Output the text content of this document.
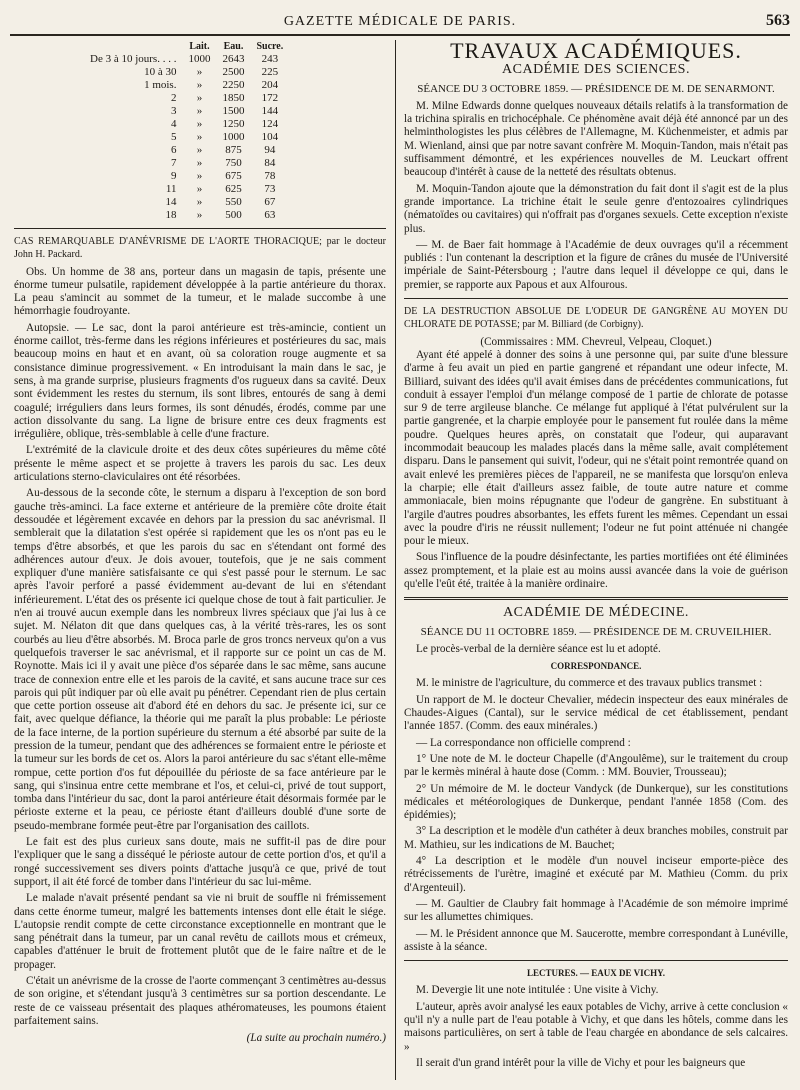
GAZETTE MÉDICALE DE PARIS.	563
	Lait.	Eau.	Sucre.
De 3 à 10 jours. . . .	1000	2643	243
10 à 30	»	2500	225
1 mois.	»	2250	204
2	»	1850	172
3	»	1500	144
4	»	1250	124
5	»	1000	104
6	»	875	94
7	»	750	84
9	»	675	78
11	»	625	73
14	»	550	67
18	»	500	63
CAS REMARQUABLE D'ANÉVRISME DE L'AORTE THORACIQUE; par le docteur John H. Packard.

Obs. Un homme de 38 ans, porteur dans un magasin de tapis, présente une énorme tumeur pulsatile, rapidement développée à la partie antérieure du thorax. La peau s'amincit au sommet de la tumeur, et le malade succombe à une hémorrhagie foudroyante.

Autopsie. — Le sac, dont la paroi antérieure est très-amincie, contient un énorme caillot, très-ferme dans les régions inférieures et postérieures du sac, mais beaucoup moins en haut et en avant, où sa coloration rouge augmente et sa consistance diminue progressivement. « En introduisant la main dans le sac, je sens, à ma grande surprise, plusieurs fragments d'os rugueux dans sa cavité. Deux sont évidemment les restes du sternum, ils sont libres, entourés de sang à demi coagulé; irréguliers dans leurs formes, ils sont dénudés, érodés, comme par une action dissolvante du sang. La ligne de brisure entre ces deux fragments est irrégulière, oblique, très-semblable à celle d'une fracture.

L'extrémité de la clavicule droite et des deux côtes supérieures du même côté présente le même aspect et se projette à travers les parois du sac. Les deux articulations sterno-claviculaires ont été résorbées.

Au-dessous de la seconde côte, le sternum a disparu à l'exception de son bord gauche très-aminci. La face externe et antérieure de la première côte droite était dessoudée et légèrement excavée en dehors par la pression du sac anévrismal. Il semblerait que la dilatation s'est opérée si rapidement que les os n'ont pas eu le temps d'être absorbés, et que les parois du sac en s'étendant ont formé des adhérences autour d'eux. Je dois avouer, toutefois, que je ne sais comment expliquer d'une manière satisfaisante ce qui s'est passé pour le sternum. Le sac après l'avoir perforé a passé évidemment au-devant de lui en s'étendant inférieurement. L'état des os présente ici quelque chose de tout à fait particulier. Je n'en ai trouvé aucun exemple dans les nombreux livres spéciaux que j'ai lus à ce sujet. M. Nélaton dit que dans quelques cas, à la vérité très-rares, les os sont courbés au lieu d'être absorbés. M. Broca parle de gros troncs nerveux qu'on a vus quelquefois traverser le sac anévrismal, et il rapporte sur ce point un cas de M. Roynotte. Mais ici il y avait une pièce d'os séparée dans le sac même, sans aucune trace de connexion entre elle et les parois de la cavité, et sans aucune trace sur ces parois qui pût indiquer par où elle avait pu pénétrer. Cependant rien de plus certain que cette portion osseuse ait d'abord été en dehors du sac. Je présente ici, sur ce fait, avec quelque défiance, la théorie qui me paraît la plus probable: Le périoste de la face interne, de la portion supérieure du sternum a été absorbé par suite de la pression de la tumeur, pendant que des adhérences se formaient entre le périoste et la tumeur sur les bords de cet os. Alors la paroi antérieure du sac s'étant elle-même rompue, cette portion d'os fut dépouillée du périoste de sa face antérieure par le sang, qui s'insinua entre cette membrane et l'os, et celui-ci, privé de tout support, tomba dans l'intérieur du sac, dont la paroi antérieure était désormais formée par le périoste externe et la peau, ce périoste étant d'ailleurs doublé d'une sorte de pseudo-membrane formée peut-être par l'organisation des caillots.

Le fait est des plus curieux sans doute, mais ne suffit-il pas de dire pour l'expliquer que le sang a disséqué le périoste autour de cette portion d'os, et qu'il a rongé successivement ses divers points d'attache jusqu'à ce que, privé de tout support, il ait été forcé de tomber dans l'intérieur du sac lui-même.

Le malade n'avait présenté pendant sa vie ni bruit de souffle ni frémissement dans cette énorme tumeur, malgré les battements intenses dont elle était le siége. L'autopsie rendit compte de cette circonstance exceptionnelle en montrant que le sang pénétrait dans la tumeur, par un canal revêtu de caillots mous et crémeux, capables d'atténuer le bruit de frottement plutôt que de le faire naître et de le propager.

C'était un anévrisme de la crosse de l'aorte commençant 3 centimètres au-dessus de son origine, et s'étendant jusqu'à 3 centimètres sur sa portion descendante. Le reste de ce vaisseau présentait des plaques athéromateuses, les poumons étaient parfaitement sains.

(La suite au prochain numéro.)
TRAVAUX ACADÉMIQUES.
ACADÉMIE DES SCIENCES.
SÉANCE DU 3 OCTOBRE 1859. — PRÉSIDENCE DE M. DE SENARMONT.

M. Milne Edwards donne quelques nouveaux détails relatifs à la transformation de la trichina spiralis en trichocéphale. Ce phénomène avait déjà été annoncé par un des helminthologistes les plus célèbres de l'Allemagne, M. Küchenmeister, et admis par M. Wienland, ainsi que par notre savant confrère M. Moquin-Tandon, mais n'était pas suffisamment démontré, et les expériences nouvelles de M. Leuckart offrent beaucoup d'intérêt à cause de la netteté des résultats obtenus.

M. Moquin-Tandon ajoute que la démonstration du fait dont il s'agit est de la plus grande importance. La trichine était le seule genre d'entozoaires cylindriques (nématoïdes ou cavitaires) qui n'offrait pas d'organes sexuels. Cette exception n'existe plus.

— M. de Baer fait hommage à l'Académie de deux ouvrages qu'il a récemment publiés : l'un contenant la description et la figure de crânes du musée de l'Université impériale de Saint-Pétersbourg ; l'autre dans lequel il développe ce qui, dans le premier, se rapporte aux Papous et aux Alfourous.

DE LA DESTRUCTION ABSOLUE DE L'ODEUR DE GANGRÈNE AU MOYEN DU CHLORATE DE POTASSE; par M. Billiard (de Corbigny).
(Commissaires : MM. Chevreul, Velpeau, Cloquet.)

Ayant été appelé à donner des soins à une personne qui, par suite d'une blessure d'arme à feu avait un pied en partie gangrené et répandant une odeur infecte, M. Billiard, suivant des idées qu'il avait émises dans de précédentes communications, fut conduit à essayer l'emploi d'un mélange composé de 1 partie de chlorate de potasse sur 9 de terre argileuse blanche. Ce mélange fut appliqué à l'état pulvérulent sur la partie gangrenée, et la charpie employée pour le pansement fut roulée dans la même poudre. Quelques heures après, on constatait que l'odeur, qui auparavant incommodait beaucoup les malades placés dans la même salle, avait complétement disparu. Dans le pansement qui suivit, l'odeur, qui ne s'était point remontrée quand on avait enlevé les premières pièces de l'appareil, ne se manifesta que lorsqu'on enleva la charpie; elle était d'ailleurs assez faible, de toute autre nature et comme ammoniacale, bien moins répugnante que l'odeur de gangrène. En substituant à l'argile d'autres poudres absorbantes, les effets furent les mêmes. Cependant un essai avec la poudre d'iris ne réussit nullement; l'odeur ne fut point atténuée ni changée pour le mieux.

Sous l'influence de la poudre désinfectante, les parties mortifiées ont été éliminées assez promptement, et la plaie est au moins aussi avancée dans la voie de guérison qu'elle l'eût été, traitée à la manière ordinaire.

ACADÉMIE DE MÉDECINE.
SÉANCE DU 11 OCTOBRE 1859. — PRÉSIDENCE DE M. CRUVEILHIER.

Le procès-verbal de la dernière séance est lu et adopté.

CORRESPONDANCE.

M. le ministre de l'agriculture, du commerce et des travaux publics transmet :

Un rapport de M. le docteur Chevalier, médecin inspecteur des eaux minérales de Chaudes-Aigues (Cantal), sur le service médical de cet établissement, pendant l'année 1857. (Comm. des eaux minérales.)

— La correspondance non officielle comprend :

1° Une note de M. le docteur Chapelle (d'Angoulême), sur le traitement du croup par le kermès minéral à haute dose (Comm. : MM. Bouvier, Trousseau);

2° Un mémoire de M. le docteur Vandyck (de Dunkerque), sur les constitutions médicales et météorologiques de Dunkerque, pendant l'année 1858 (Com. des épidémies);

3° La description et le modèle d'un cathéter à deux branches mobiles, construit par M. Mathieu, sur les indications de M. Bauchet;

4° La description et le modèle d'un nouvel inciseur emporte-pièce des rétrécissements de l'urètre, imaginé et exécuté par M. Mathieu (Comm. du prix d'Argenteuil).

— M. Gaultier de Claubry fait hommage à l'Académie de son mémoire imprimé sur les allumettes chimiques.

— M. le Président annonce que M. Saucerotte, membre correspondant à Lunéville, assiste à la séance.

LECTURES. — EAUX DE VICHY.

M. Devergie lit une note intitulée : Une visite à Vichy.

L'auteur, après avoir analysé les eaux potables de Vichy, arrive à cette conclusion « qu'il n'y a nulle part de l'eau potable à Vichy, et que dans les hôtels, comme dans les maisons particulières, on sert à table de l'eau chargée en abondance de sels calcaires. »

Il serait d'un grand intérêt pour la ville de Vichy et pour les baigneurs que
